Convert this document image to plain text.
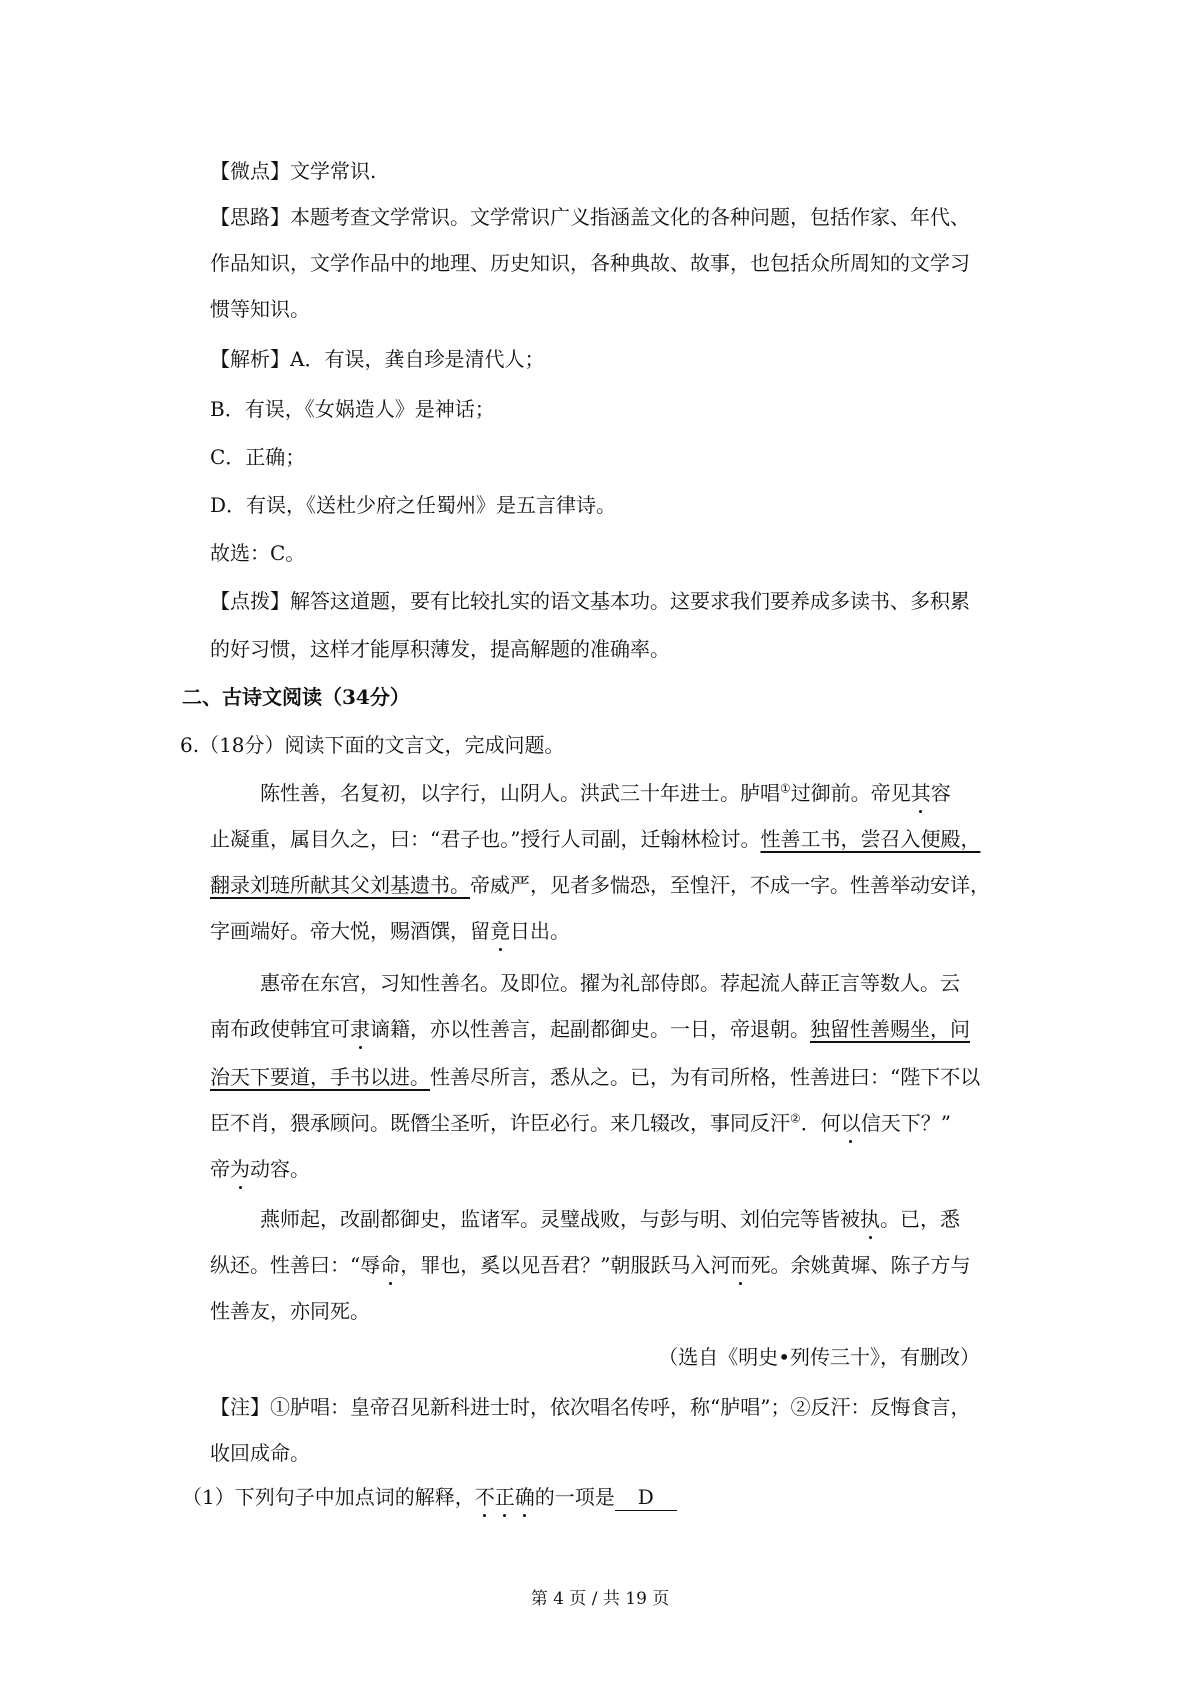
【微点】文学常识.
【思路】本题考查文学常识。文学常识广义指涵盖文化的各种问题，包括作家、年代、
作品知识，文学作品中的地理、历史知识，各种典故、故事，也包括众所周知的文学习
惯等知识。
【解析】A．有误，龚自珍是清代人；
B．有误，《女娲造人》是神话；
C．正确；
D．有误，《送杜少府之任蜀州》是五言律诗。
故选：C。
【点拨】解答这道题，要有比较扎实的语文基本功。这要求我们要养成多读书、多积累
的好习惯，这样才能厚积薄发，提高解题的准确率。
二、古诗文阅读（34分）
6.（18分）阅读下面的文言文，完成问题。
陈性善，名复初，以字行，山阴人。洪武三十年进士。胪唱①过御前。帝见其容
止凝重，属目久之，曰：“君子也。”授行人司副，迁翰林检讨。性善工书，尝召入便殿，
翻录刘琏所献其父刘基遗书。帝威严，见者多惴恐，至惶汗，不成一字。性善举动安详，
字画端好。帝大悦，赐酒馔，留竟日出。
惠帝在东宫，习知性善名。及即位。擢为礼部侍郎。荐起流人薛正言等数人。云
南布政使韩宜可隶谪籍，亦以性善言，起副都御史。一日，帝退朝。独留性善赐坐，问
治天下要道，手书以进。性善尽所言，悉从之。已，为有司所格，性善进曰：“陛下不以
臣不肖，猥承顾问。既僭尘圣听，许臣必行。来几辍改，事同反汗②．何以信天下？”
帝为动容。
燕师起，改副都御史，监诸军。灵璧战败，与彭与明、刘伯完等皆被执。已，悉
纵还。性善曰：“辱命，罪也，奚以见吾君？”朝服跃马入河而死。余姚黄墀、陈子方与
性善友，亦同死。
（选自《明史•列传三十》，有删改）
【注】①胪唱：皇帝召见新科进士时，依次唱名传呼，称“胪唱”；②反汗：反悔食言，
收回成命。
（1）下列句子中加点词的解释，不正确的一项是 D
第 4 页 / 共 19 页
